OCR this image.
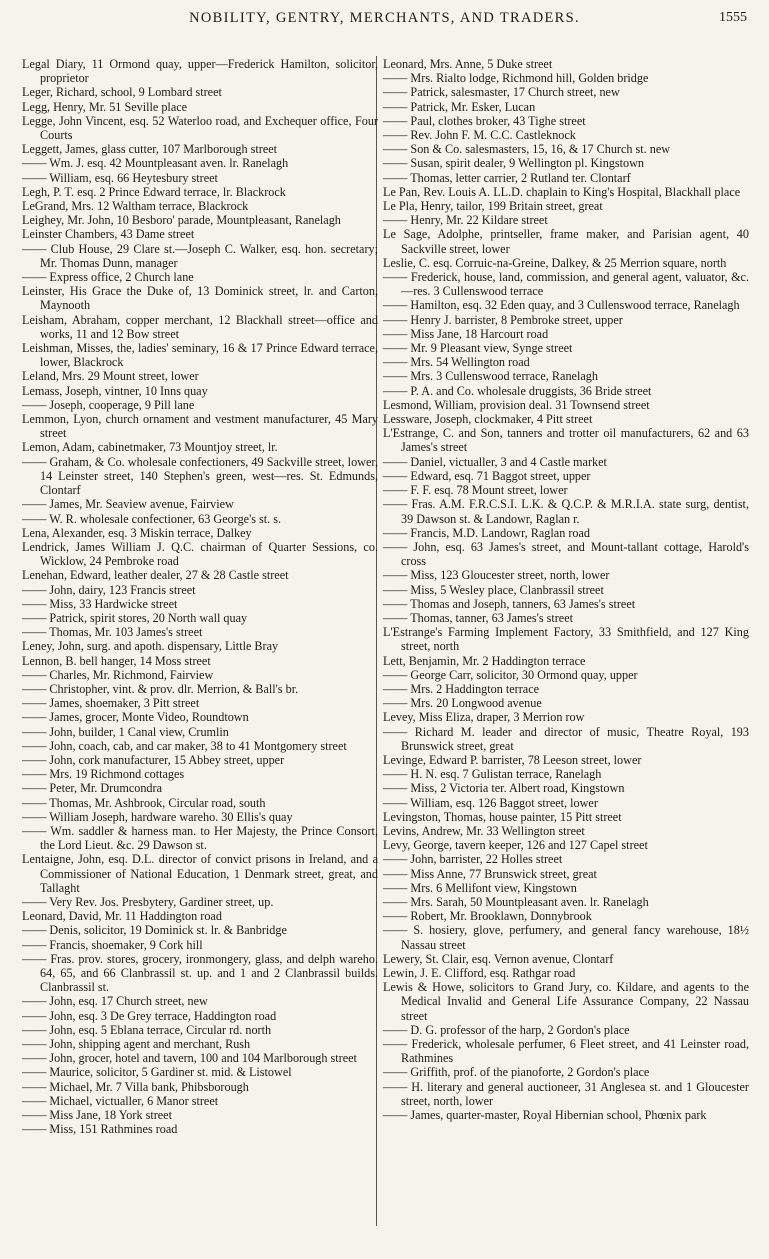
NOBILITY, GENTRY, MERCHANTS, AND TRADERS.	1555
Legal Diary, 11 Ormond quay, upper—Frederick Hamilton, solicitor, proprietor
Leger, Richard, school, 9 Lombard street
Legg, Henry, Mr. 51 Seville place
Legge, John Vincent, esq. 52 Waterloo road, and Exchequer office, Four Courts
Leggett, James, glass cutter, 107 Marlborough street
—— Wm. J. esq. 42 Mountpleasant aven. lr. Ranelagh
—— William, esq. 66 Heytesbury street
Legh, P. T. esq. 2 Prince Edward terrace, lr. Blackrock
LeGrand, Mrs. 12 Waltham terrace, Blackrock
Leighey, Mr. John, 10 Besboro' parade, Mountpleasant, Ranelagh
Leinster Chambers, 43 Dame street
—— Club House, 29 Clare st.—Joseph C. Walker, esq. hon. secretary; Mr. Thomas Dunn, manager
—— Express office, 2 Church lane
Leinster, His Grace the Duke of, 13 Dominick street, lr. and Carton, Maynooth
Leisham, Abraham, copper merchant, 12 Blackhall street—office and works, 11 and 12 Bow street
Leishman, Misses, the, ladies' seminary, 16 & 17 Prince Edward terrace, lower, Blackrock
Leland, Mrs. 29 Mount street, lower
Lemass, Joseph, vintner, 10 Inns quay
—— Joseph, cooperage, 9 Pill lane
Lemmon, Lyon, church ornament and vestment manufacturer, 45 Mary street
Lemon, Adam, cabinetmaker, 73 Mountjoy street, lr.
—— Graham, & Co. wholesale confectioners, 49 Sackville street, lower, 14 Leinster street, 140 Stephen's green, west—res. St. Edmunds, Clontarf
—— James, Mr. Seaview avenue, Fairview
—— W. R. wholesale confectioner, 63 George's st. s.
Lena, Alexander, esq. 3 Miskin terrace, Dalkey
Lendrick, James William J. Q.C. chairman of Quarter Sessions, co. Wicklow, 24 Pembroke road
Lenehan, Edward, leather dealer, 27 & 28 Castle street
—— John, dairy, 123 Francis street
—— Miss, 33 Hardwicke street
—— Patrick, spirit stores, 20 North wall quay
—— Thomas, Mr. 103 James's street
Leney, John, surg. and apoth. dispensary, Little Bray
Lennon, B. bell hanger, 14 Moss street
—— Charles, Mr. Richmond, Fairview
—— Christopher, vint. & prov. dlr. Merrion, & Ball's br.
—— James, shoemaker, 3 Pitt street
—— James, grocer, Monte Video, Roundtown
—— John, builder, 1 Canal view, Crumlin
—— John, coach, cab, and car maker, 38 to 41 Montgomery street
—— John, cork manufacturer, 15 Abbey street, upper
—— Mrs. 19 Richmond cottages
—— Peter, Mr. Drumcondra
—— Thomas, Mr. Ashbrook, Circular road, south
—— William Joseph, hardware wareho. 30 Ellis's quay
—— Wm. saddler & harness man. to Her Majesty, the Prince Consort, the Lord Lieut. &c. 29 Dawson st.
Lentaigne, John, esq. D.L. director of convict prisons in Ireland, and a Commissioner of National Education, 1 Denmark street, great, and Tallaght
—— Very Rev. Jos. Presbytery, Gardiner street, up.
Leonard, David, Mr. 11 Haddington road
—— Denis, solicitor, 19 Dominick st. lr. & Banbridge
—— Francis, shoemaker, 9 Cork hill
—— Fras. prov. stores, grocery, ironmongery, glass, and delph wareho. 64, 65, and 66 Clanbrassil st. up. and 1 and 2 Clanbrassil builds. Clanbrassil st.
—— John, esq. 17 Church street, new
—— John, esq. 3 De Grey terrace, Haddington road
—— John, esq. 5 Eblana terrace, Circular rd. north
—— John, shipping agent and merchant, Rush
—— John, grocer, hotel and tavern, 100 and 104 Marlborough street
—— Maurice, solicitor, 5 Gardiner st. mid. & Listowel
—— Michael, Mr. 7 Villa bank, Phibsborough
—— Michael, victualler, 6 Manor street
—— Miss Jane, 18 York street
—— Miss, 151 Rathmines road
Leonard, Mrs. Anne, 5 Duke street
—— Mrs. Rialto lodge, Richmond hill, Golden bridge
—— Patrick, salesmaster, 17 Church street, new
—— Patrick, Mr. Esker, Lucan
—— Paul, clothes broker, 43 Tighe street
—— Rev. John F. M. C.C. Castleknock
—— Son & Co. salesmasters, 15, 16, & 17 Church st. new
—— Susan, spirit dealer, 9 Wellington pl. Kingstown
—— Thomas, letter carrier, 2 Rutland ter. Clontarf
Le Pan, Rev. Louis A. LL.D. chaplain to King's Hospital, Blackhall place
Le Pla, Henry, tailor, 199 Britain street, great
—— Henry, Mr. 22 Kildare street
Le Sage, Adolphe, printseller, frame maker, and Parisian agent, 40 Sackville street, lower
Leslie, C. esq. Corruic-na-Greine, Dalkey, & 25 Merrion square, north
—— Frederick, house, land, commission, and general agent, valuator, &c.—res. 3 Cullenswood terrace
—— Hamilton, esq. 32 Eden quay, and 3 Cullenswood terrace, Ranelagh
—— Henry J. barrister, 8 Pembroke street, upper
—— Miss Jane, 18 Harcourt road
—— Mr. 9 Pleasant view, Synge street
—— Mrs. 54 Wellington road
—— Mrs. 3 Cullenswood terrace, Ranelagh
—— P. A. and Co. wholesale druggists, 36 Bride street
Lesmond, William, provision deal. 31 Townsend street
Lessware, Joseph, clockmaker, 4 Pitt street
L'Estrange, C. and Son, tanners and trotter oil manufacturers, 62 and 63 James's street
—— Daniel, victualler, 3 and 4 Castle market
—— Edward, esq. 71 Baggot street, upper
—— F. F. esq. 78 Mount street, lower
—— Fras. A.M. F.R.C.S.I. L.K. & Q.C.P. & M.R.I.A. state surg, dentist, 39 Dawson st. & Landowr, Raglan r.
—— Francis, M.D. Landowr, Raglan road
—— John, esq. 63 James's street, and Mount-tallant cottage, Harold's cross
—— Miss, 123 Gloucester street, north, lower
—— Miss, 5 Wesley place, Clanbrassil street
—— Thomas and Joseph, tanners, 63 James's street
—— Thomas, tanner, 63 James's street
L'Estrange's Farming Implement Factory, 33 Smithfield, and 127 King street, north
Lett, Benjamin, Mr. 2 Haddington terrace
—— George Carr, solicitor, 30 Ormond quay, upper
—— Mrs. 2 Haddington terrace
—— Mrs. 20 Longwood avenue
Levey, Miss Eliza, draper, 3 Merrion row
—— Richard M. leader and director of music, Theatre Royal, 193 Brunswick street, great
Levinge, Edward P. barrister, 78 Leeson street, lower
—— H. N. esq. 7 Gulistan terrace, Ranelagh
—— Miss, 2 Victoria ter. Albert road, Kingstown
—— William, esq. 126 Baggot street, lower
Levingston, Thomas, house painter, 15 Pitt street
Levins, Andrew, Mr. 33 Wellington street
Levy, George, tavern keeper, 126 and 127 Capel street
—— John, barrister, 22 Holles street
—— Miss Anne, 77 Brunswick street, great
—— Mrs. 6 Mellifont view, Kingstown
—— Mrs. Sarah, 50 Mountpleasant aven. lr. Ranelagh
—— Robert, Mr. Brooklawn, Donnybrook
—— S. hosiery, glove, perfumery, and general fancy warehouse, 18½ Nassau street
Lewery, St. Clair, esq. Vernon avenue, Clontarf
Lewin, J. E. Clifford, esq. Rathgar road
Lewis & Howe, solicitors to Grand Jury, co. Kildare, and agents to the Medical Invalid and General Life Assurance Company, 22 Nassau street
—— D. G. professor of the harp, 2 Gordon's place
—— Frederick, wholesale perfumer, 6 Fleet street, and 41 Leinster road, Rathmines
—— Griffith, prof. of the pianoforte, 2 Gordon's place
—— H. literary and general auctioneer, 31 Anglesea st. and 1 Gloucester street, north, lower
—— James, quarter-master, Royal Hibernian school, Phœnix park
